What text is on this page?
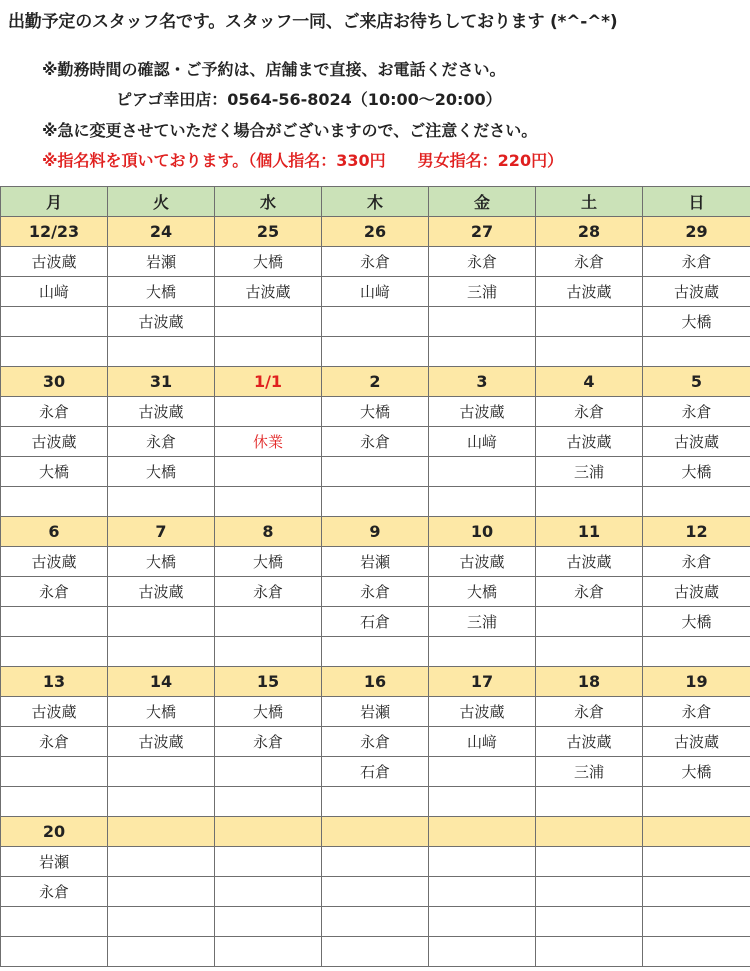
出勤予定のスタッフ名です。スタッフ一同、ご来店お待ちしております (*^-^*)
※勤務時間の確認・ご予約は、店舗まで直接、お電話ください。
ピアゴ幸田店：0564-56-8024（10:00～20:00）
※急に変更させていただく場合がございますので、ご注意ください。
※指名料を頂いております。（個人指名：330円　　男女指名：220円）
月	火	水	木	金	土	日
12/23	24	25	26	27	28	29
古波蔵	岩瀬	大橋	永倉	永倉	永倉	永倉
山﨑	大橋	古波蔵	山﨑	三浦	古波蔵	古波蔵
	古波蔵					大橋

30	31	1/1	2	3	4	5
永倉	古波蔵		大橋	古波蔵	永倉	永倉
古波蔵	永倉	休業	永倉	山﨑	古波蔵	古波蔵
大橋	大橋				三浦	大橋

6	7	8	9	10	11	12
古波蔵	大橋	大橋	岩瀬	古波蔵	古波蔵	永倉
永倉	古波蔵	永倉	永倉	大橋	永倉	古波蔵
			石倉	三浦		大橋

13	14	15	16	17	18	19
古波蔵	大橋	大橋	岩瀬	古波蔵	永倉	永倉
永倉	古波蔵	永倉	永倉	山﨑	古波蔵	古波蔵
			石倉		三浦	大橋

20						
岩瀬						
永倉						
